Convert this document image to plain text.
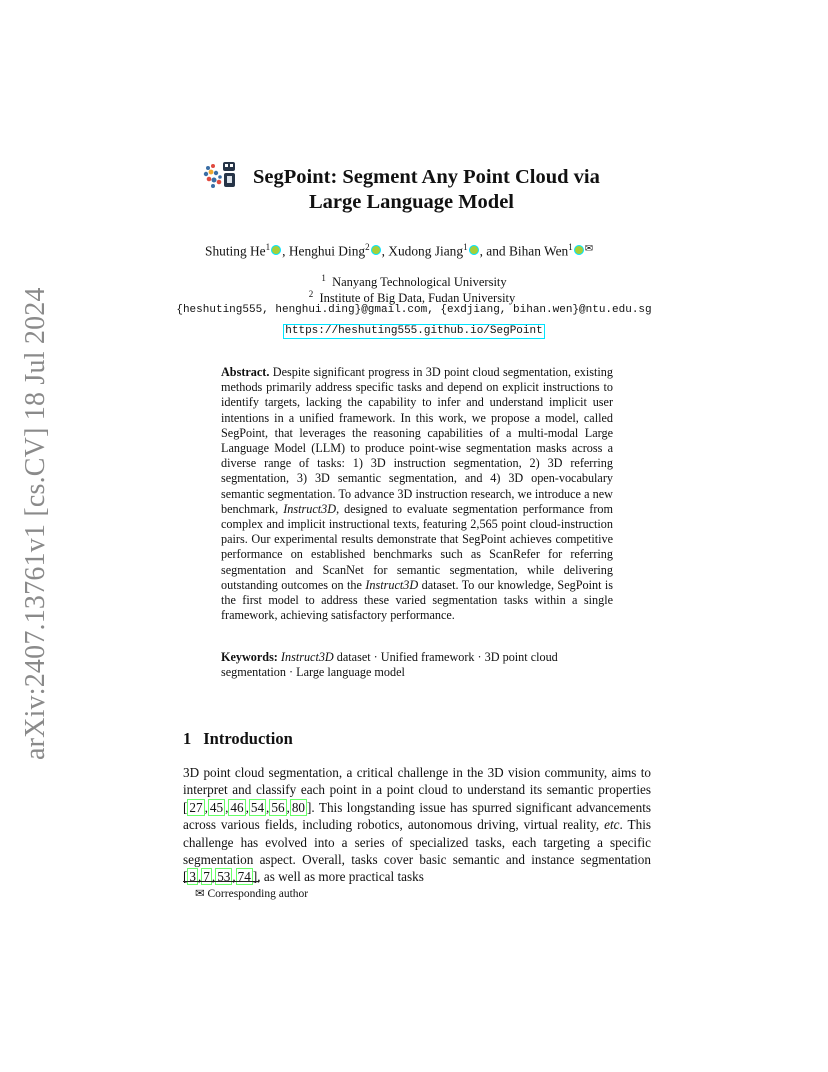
arXiv:2407.13761v1 [cs.CV] 18 Jul 2024
SegPoint: Segment Any Point Cloud via
Large Language Model
Shuting He$^1$ , Henghui Ding$^2$ , Xudong Jiang$^1$ , and Bihan Wen$^1$ ✉
$^1$ Nanyang Technological University
$^2$ Institute of Big Data, Fudan University
{heshuting555, henghui.ding}@gmail.com, {exdjiang, bihan.wen}@ntu.edu.sg
https://heshuting555.github.io/SegPoint
Abstract. Despite significant progress in 3D point cloud segmentation, existing methods primarily address specific tasks and depend on explicit instructions to identify targets, lacking the capability to infer and understand implicit user intentions in a unified framework. In this work, we propose a model, called SegPoint, that leverages the reasoning capabilities of a multi-modal Large Language Model (LLM) to produce point-wise segmentation masks across a diverse range of tasks: 1) 3D instruction segmentation, 2) 3D referring segmentation, 3) 3D semantic segmentation, and 4) 3D open-vocabulary semantic segmentation. To advance 3D instruction research, we introduce a new benchmark, Instruct3D, designed to evaluate segmentation performance from complex and implicit instructional texts, featuring 2,565 point cloud-instruction pairs. Our experimental results demonstrate that SegPoint achieves competitive performance on established benchmarks such as ScanRefer for referring segmentation and ScanNet for semantic segmentation, while delivering outstanding outcomes on the Instruct3D dataset. To our knowledge, SegPoint is the first model to address these varied segmentation tasks within a single framework, achieving satisfactory performance.
Keywords: Instruct3D dataset · Unified framework · 3D point cloud segmentation · Large language model
1 Introduction
3D point cloud segmentation, a critical challenge in the 3D vision community, aims to interpret and classify each point in a point cloud to understand its semantic properties [ 27 , 45 , 46 , 54 , 56 , 80 ]. This longstanding issue has spurred significant advancements across various fields, including robotics, autonomous driving, virtual reality, etc. This challenge has evolved into a series of specialized tasks, each targeting a specific segmentation aspect. Overall, tasks cover basic semantic and instance segmentation [ 3 , 7 , 53 , 74 ], as well as more practical tasks
✉ Corresponding author
